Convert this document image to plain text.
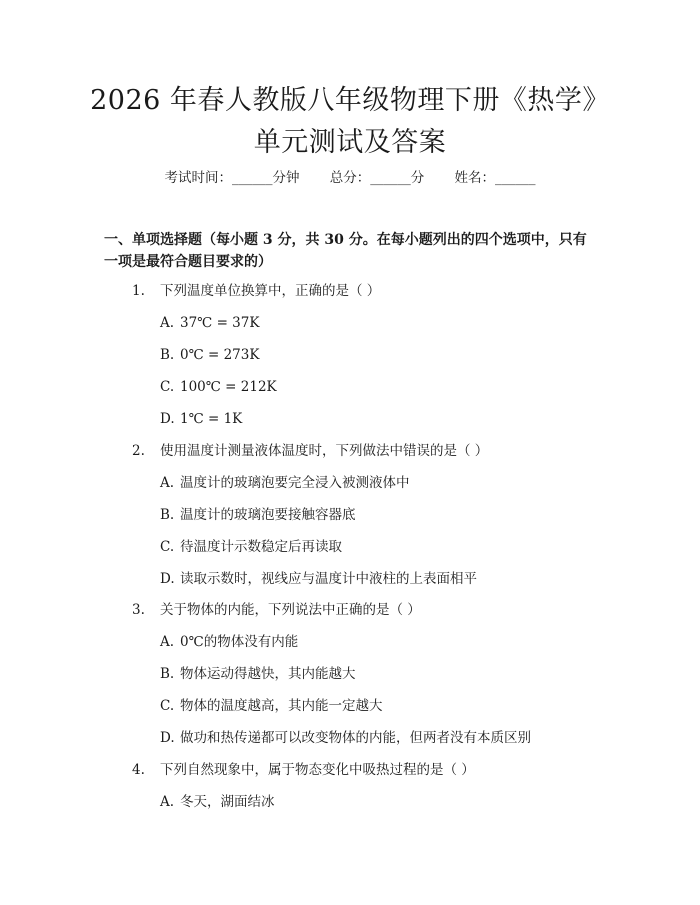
2026 年春人教版八年级物理下册《热学》单元测试及答案
考试时间：______分钟 总分：______分 姓名：______
一、单项选择题（每小题 3 分，共 30 分。在每小题列出的四个选项中，只有一项是最符合题目要求的）
1. 下列温度单位换算中，正确的是（ ）
A. 37℃ = 37K
B. 0℃ = 273K
C. 100℃ = 212K
D. 1℃ = 1K
2. 使用温度计测量液体温度时，下列做法中错误的是（ ）
A. 温度计的玻璃泡要完全浸入被测液体中
B. 温度计的玻璃泡要接触容器底
C. 待温度计示数稳定后再读取
D. 读取示数时，视线应与温度计中液柱的上表面相平
3. 关于物体的内能，下列说法中正确的是（ ）
A. 0℃的物体没有内能
B. 物体运动得越快，其内能越大
C. 物体的温度越高，其内能一定越大
D. 做功和热传递都可以改变物体的内能，但两者没有本质区别
4. 下列自然现象中，属于物态变化中吸热过程的是（ ）
A. 冬天，湖面结冰
